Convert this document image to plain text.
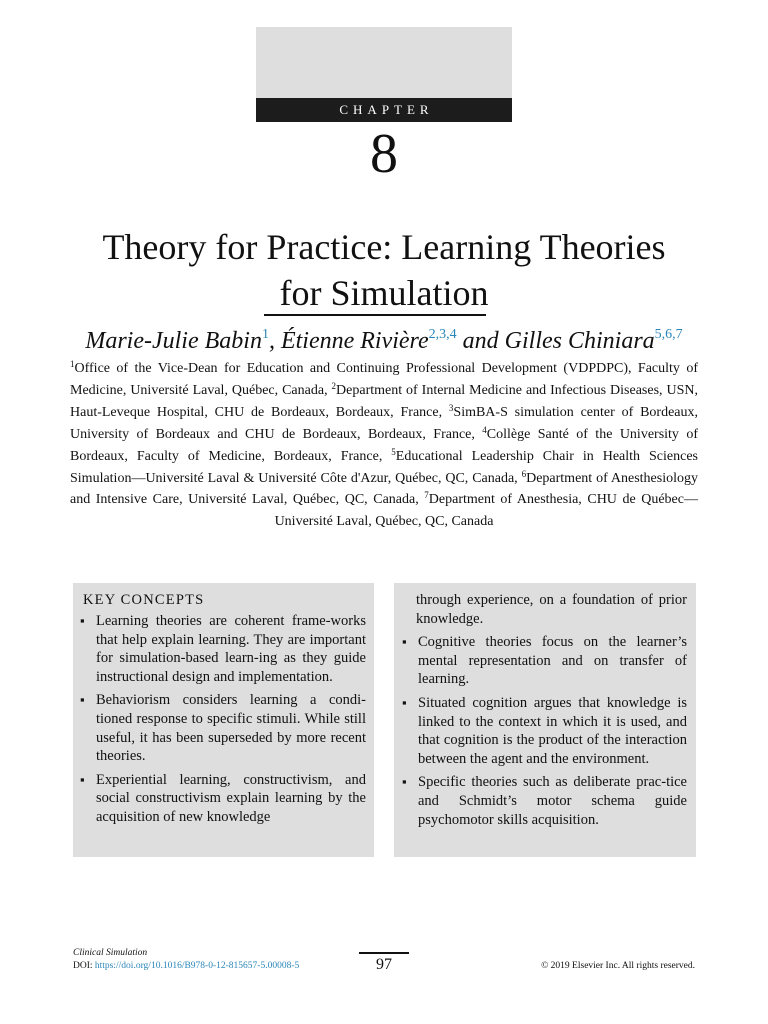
CHAPTER
8
Theory for Practice: Learning Theories
for Simulation
Marie-Julie Babin$^1$, Étienne Rivière$^{2,3,4}$ and Gilles Chiniara$^{5,6,7}$
$^1$Office of the Vice-Dean for Education and Continuing Professional Development (VDPDPC), Faculty of Medicine, Université Laval, Québec, Canada, $^2$Department of Internal Medicine and Infectious Diseases, USN, Haut-Leveque Hospital, CHU de Bordeaux, Bordeaux, France, $^3$SimBA-S simulation center of Bordeaux, University of Bordeaux and CHU de Bordeaux, Bordeaux, France, $^4$Collège Santé of the University of Bordeaux, Faculty of Medicine, Bordeaux, France, $^5$Educational Leadership Chair in Health Sciences Simulation—Université Laval & Université Côte d'Azur, Québec, QC, Canada, $^6$Department of Anesthesiology and Intensive Care, Université Laval, Québec, QC, Canada, $^7$Department of Anesthesia, CHU de Québec—Université Laval, Québec, QC, Canada
KEY CONCEPTS
▪ Learning theories are coherent frame-works that help explain learning. They are important for simulation-based learn-ing as they guide instructional design and implementation.
▪ Behaviorism considers learning a condi-tioned response to specific stimuli. While still useful, it has been superseded by more recent theories.
▪ Experiential learning, constructivism, and social constructivism explain learning by the acquisition of new knowledge
through experience, on a foundation of prior knowledge.
▪ Cognitive theories focus on the learner’s mental representation and on transfer of learning.
▪ Situated cognition argues that knowledge is linked to the context in which it is used, and that cognition is the product of the interaction between the agent and the environment.
▪ Specific theories such as deliberate prac-tice and Schmidt’s motor schema guide psychomotor skills acquisition.
Clinical Simulation
DOI: https://doi.org/10.1016/B978-0-12-815657-5.00008-5	97	© 2019 Elsevier Inc. All rights reserved.
